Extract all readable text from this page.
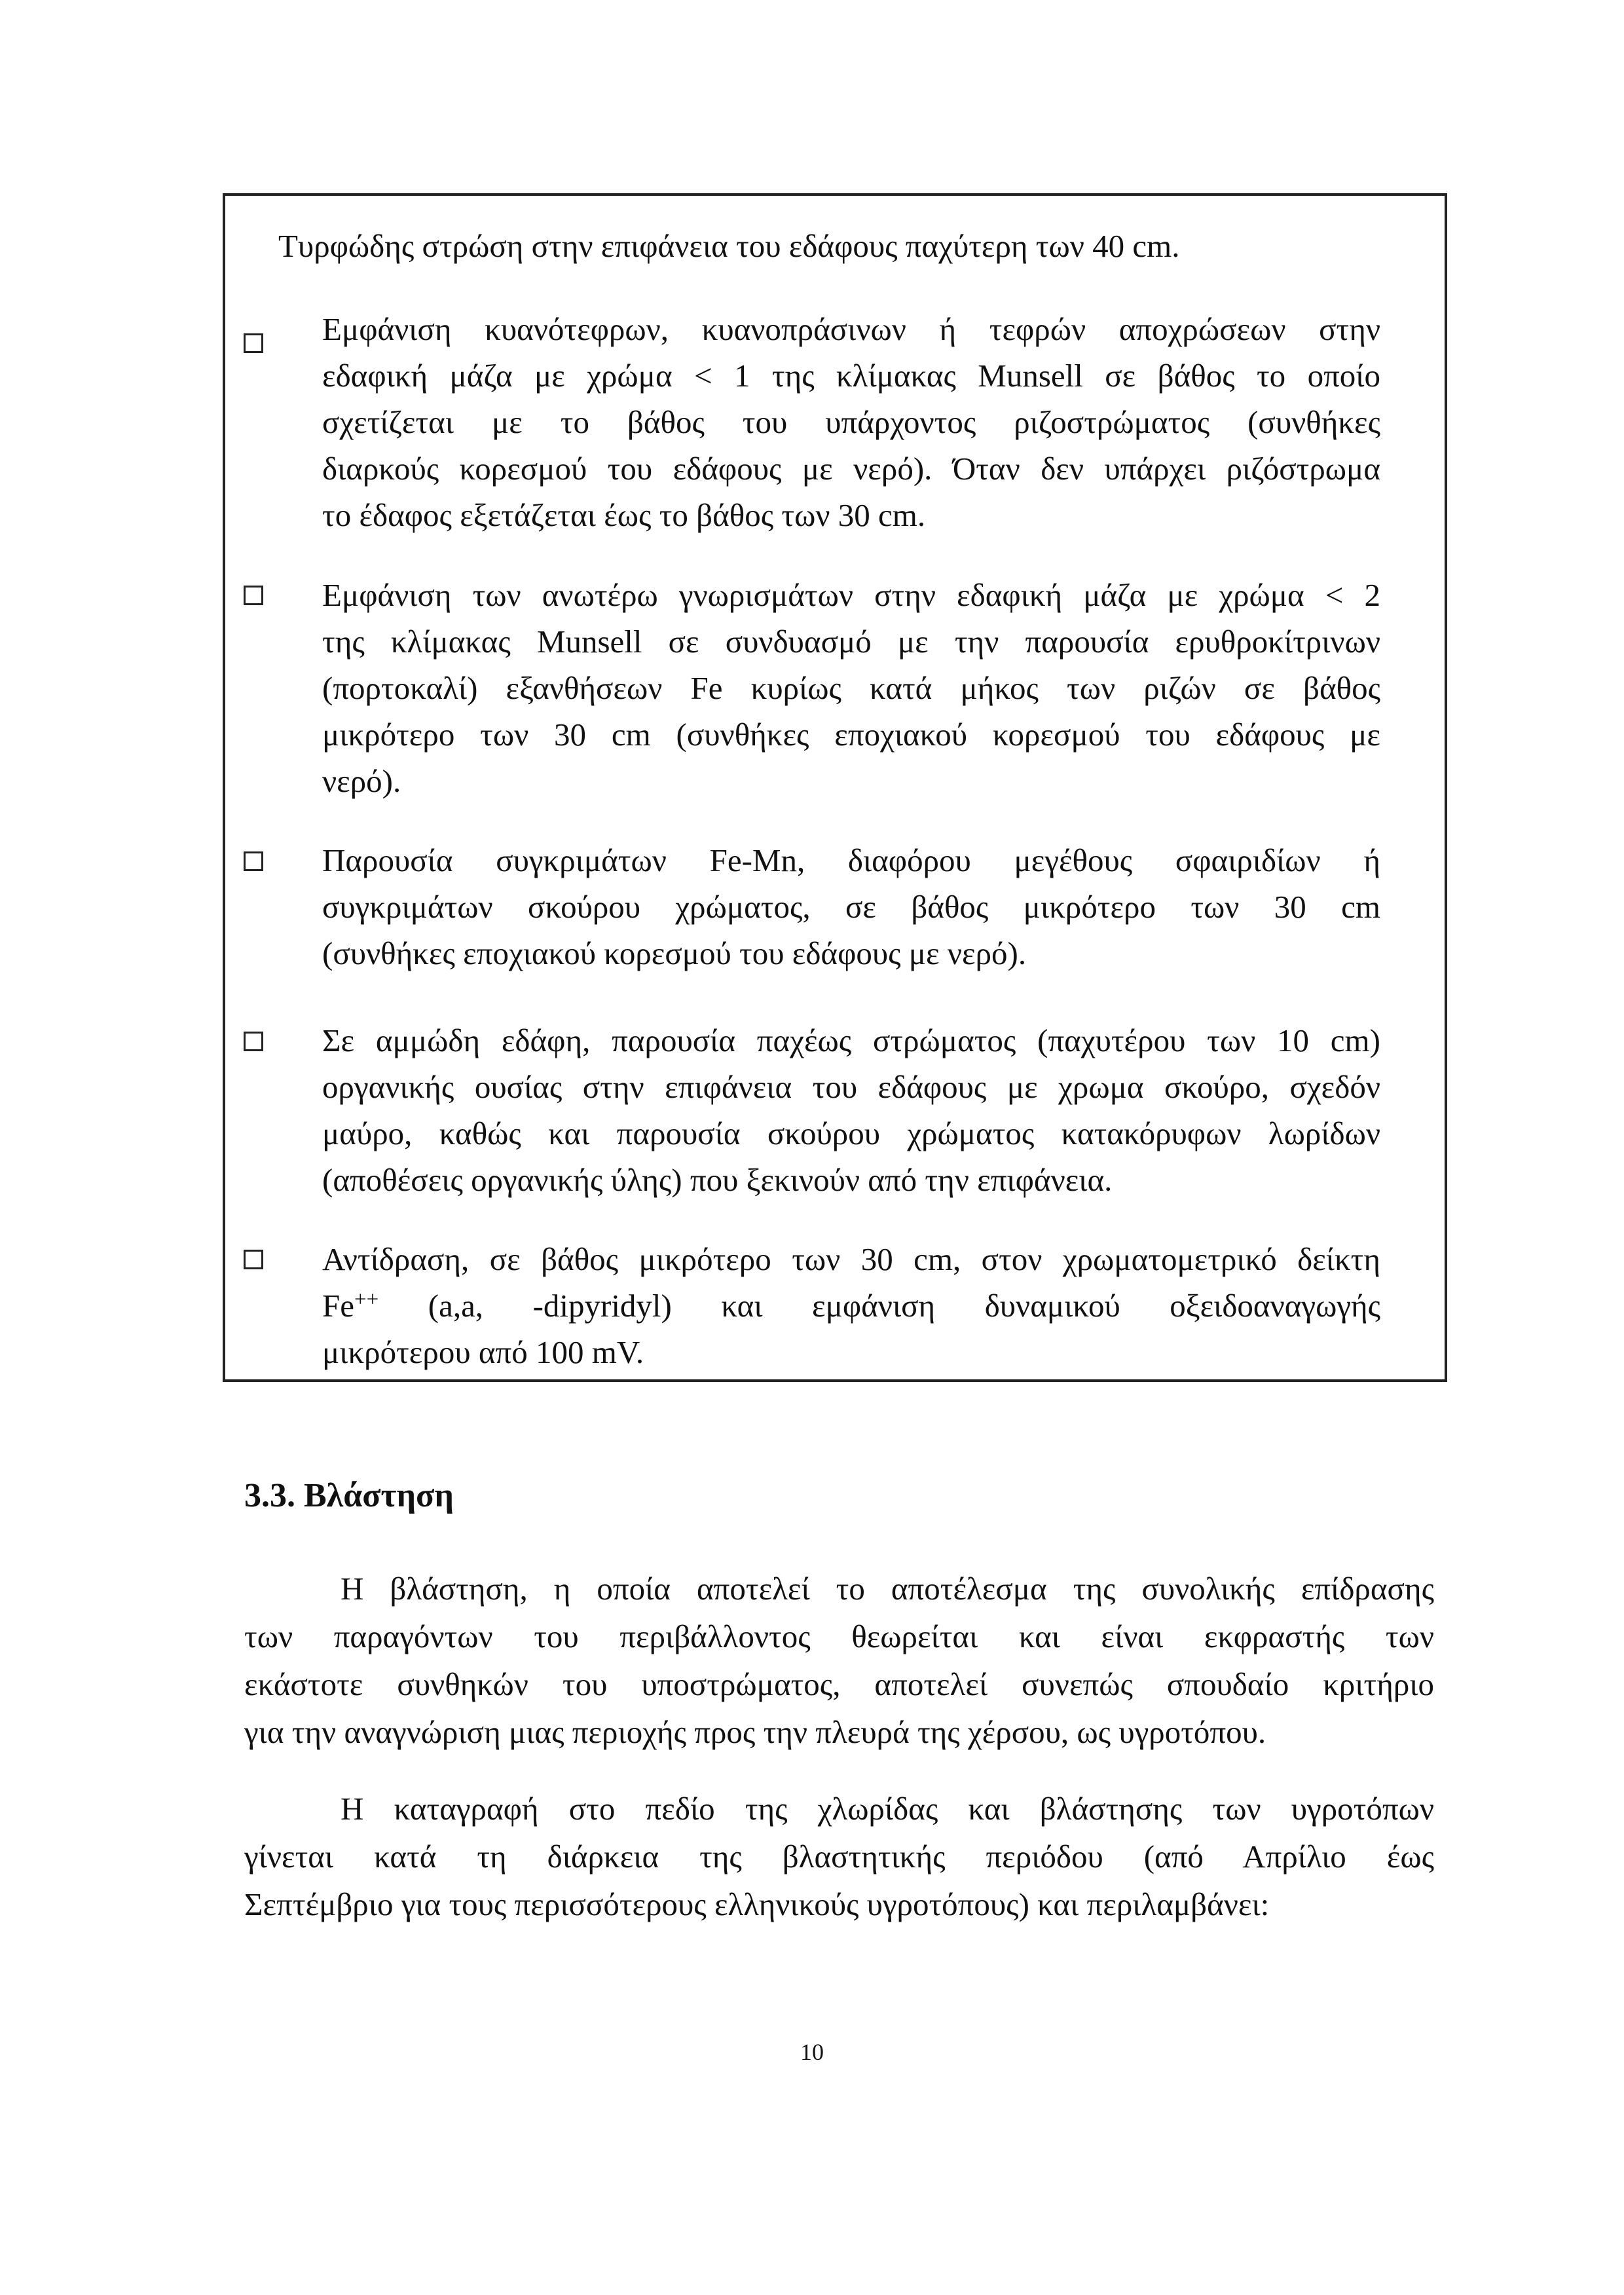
Τυρφώδης στρώση στην επιφάνεια του εδάφους παχύτερη των 40 cm.
Εμφάνιση κυανότεφρων, κυανοπράσινων ή τεφρών αποχρώσεων στην
εδαφική μάζα με χρώμα < 1 της κλίμακας Munsell σε βάθος το οποίο
σχετίζεται με το βάθος του υπάρχοντος ριζοστρώματος (συνθήκες
διαρκούς κορεσμού του εδάφους με νερό). Όταν δεν υπάρχει ριζόστρωμα
το έδαφος εξετάζεται έως το βάθος των 30 cm.
Εμφάνιση των ανωτέρω γνωρισμάτων στην εδαφική μάζα με χρώμα < 2
της κλίμακας Munsell σε συνδυασμό με την παρουσία ερυθροκίτρινων
(πορτοκαλί) εξανθήσεων Fe κυρίως κατά μήκος των ριζών σε βάθος
μικρότερο των 30 cm (συνθήκες εποχιακού κορεσμού του εδάφους με
νερό).
Παρουσία συγκριμάτων Fe-Mn, διαφόρου μεγέθους σφαιριδίων ή
συγκριμάτων σκούρου χρώματος, σε βάθος μικρότερο των 30 cm
(συνθήκες εποχιακού κορεσμού του εδάφους με νερό).
Σε αμμώδη εδάφη, παρουσία παχέως στρώματος (παχυτέρου των 10 cm)
οργανικής ουσίας στην επιφάνεια του εδάφους με χρωμα σκούρο, σχεδόν
μαύρο, καθώς και παρουσία σκούρου χρώματος κατακόρυφων λωρίδων
(αποθέσεις οργανικής ύλης) που ξεκινούν από την επιφάνεια.
Αντίδραση, σε βάθος μικρότερο των 30 cm, στον χρωματομετρικό δείκτη
Fe++ (a,a, -dipyridyl) και εμφάνιση δυναμικού οξειδοαναγωγής
μικρότερου από 100 mV.
3.3. Βλάστηση
Η βλάστηση, η οποία αποτελεί το αποτέλεσμα της συνολικής επίδρασης
των παραγόντων του περιβάλλοντος θεωρείται και είναι εκφραστής των
εκάστοτε συνθηκών του υποστρώματος, αποτελεί συνεπώς σπουδαίο κριτήριο
για την αναγνώριση μιας περιοχής προς την πλευρά της χέρσου, ως υγροτόπου.
Η καταγραφή στο πεδίο της χλωρίδας και βλάστησης των υγροτόπων
γίνεται κατά τη διάρκεια της βλαστητικής περιόδου (από Απρίλιο έως
Σεπτέμβριο για τους περισσότερους ελληνικούς υγροτόπους) και περιλαμβάνει:
10
